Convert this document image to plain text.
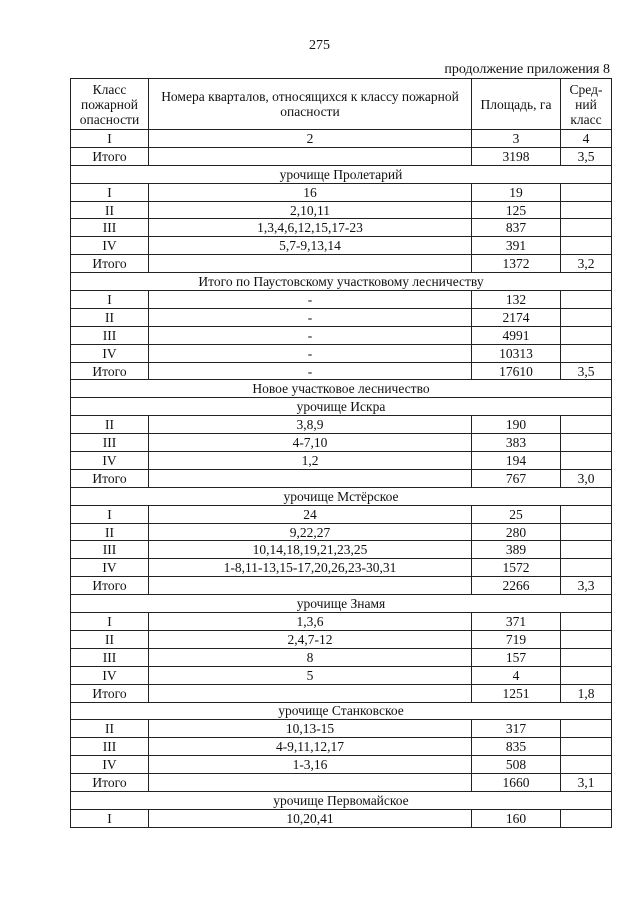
275
продолжение приложения 8
Класс пожарной опасности	Номера кварталов, относящихся к классу пожарной опасности	Площадь, га	Сред-ний класс
I	2	3	4
Итого		3198	3,5
урочище Пролетарий			
I	16	19	
II	2,10,11	125	
III	1,3,4,6,12,15,17-23	837	
IV	5,7-9,13,14	391	
Итого		1372	3,2
Итого по Паустовскому участковому лесничеству			
I	-	132	
II	-	2174	
III	-	4991	
IV	-	10313	
Итого	-	17610	3,5
Новое участковое лесничество			
урочище Искра			
II	3,8,9	190	
III	4-7,10	383	
IV	1,2	194	
Итого		767	3,0
урочище Мстёрское			
I	24	25	
II	9,22,27	280	
III	10,14,18,19,21,23,25	389	
IV	1-8,11-13,15-17,20,26,23-30,31	1572	
Итого		2266	3,3
урочище Знамя			
I	1,3,6	371	
II	2,4,7-12	719	
III	8	157	
IV	5	4	
Итого		1251	1,8
урочище Станковское			
II	10,13-15	317	
III	4-9,11,12,17	835	
IV	1-3,16	508	
Итого		1660	3,1
урочище Первомайское			
I	10,20,41	160	
